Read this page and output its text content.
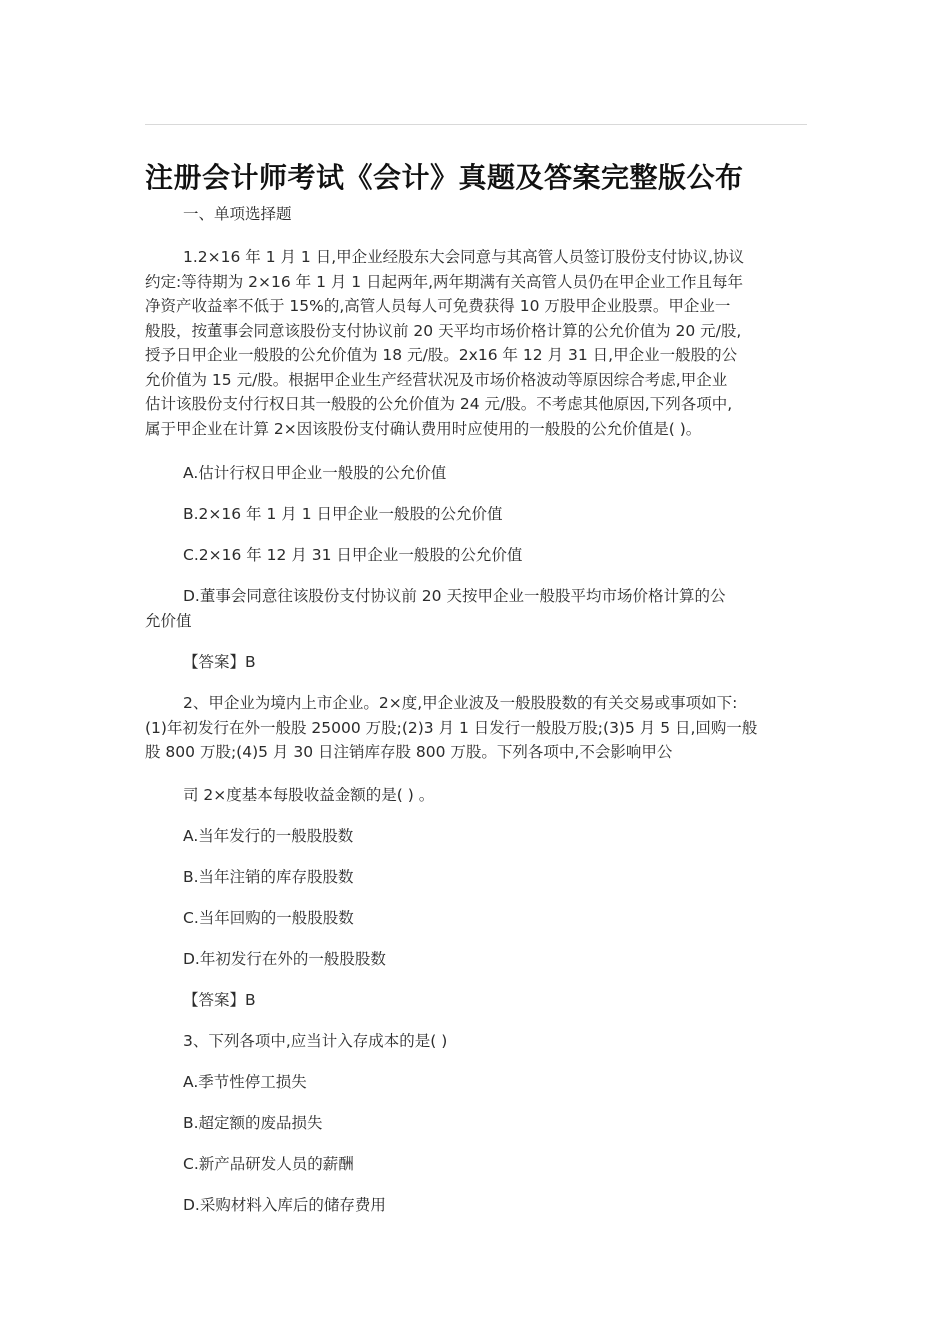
注册会计师考试《会计》真题及答案完整版公布

一、单项选择题

1.2×16 年 1 月 1 日,甲企业经股东大会同意与其高管人员签订股份支付协议,协议
约定:等待期为 2×16 年 1 月 1 日起两年,两年期满有关高管人员仍在甲企业工作且每年
净资产收益率不低于 15%的,高管人员每人可免费获得 10 万股甲企业股票。甲企业一
般股，按董事会同意该股份支付协议前 20 天平均市场价格计算的公允价值为 20 元/股,
授予日甲企业一般股的公允价值为 18 元/股。2x16 年 12 月 31 日,甲企业一般股的公
允价值为 15 元/股。根据甲企业生产经营状况及市场价格波动等原因综合考虑,甲企业
估计该股份支付行权日其一般股的公允价值为 24 元/股。不考虑其他原因,下列各项中,
属于甲企业在计算 2×因该股份支付确认费用时应使用的一般股的公允价值是( )。

A.估计行权日甲企业一般股的公允价值

B.2×16 年 1 月 1 日甲企业一般股的公允价值

C.2×16 年 12 月 31 日甲企业一般股的公允价值

D.董事会同意往该股份支付协议前 20 天按甲企业一般股平均市场价格计算的公
允价值

【答案】B

2、甲企业为境内上市企业。2×度,甲企业波及一般股股数的有关交易或事项如下:
(1)年初发行在外一般股 25000 万股;(2)3 月 1 日发行一般股万股;(3)5 月 5 日,回购一般
股 800 万股;(4)5 月 30 日注销库存股 800 万股。下列各项中,不会影响甲公

司 2×度基本每股收益金额的是( ) 。

A.当年发行的一般股股数

B.当年注销的库存股股数

C.当年回购的一般股股数

D.年初发行在外的一般股股数

【答案】B

3、下列各项中,应当计入存成本的是( )

A.季节性停工损失

B.超定额的废品损失

C.新产品研发人员的薪酬

D.采购材料入库后的储存费用
